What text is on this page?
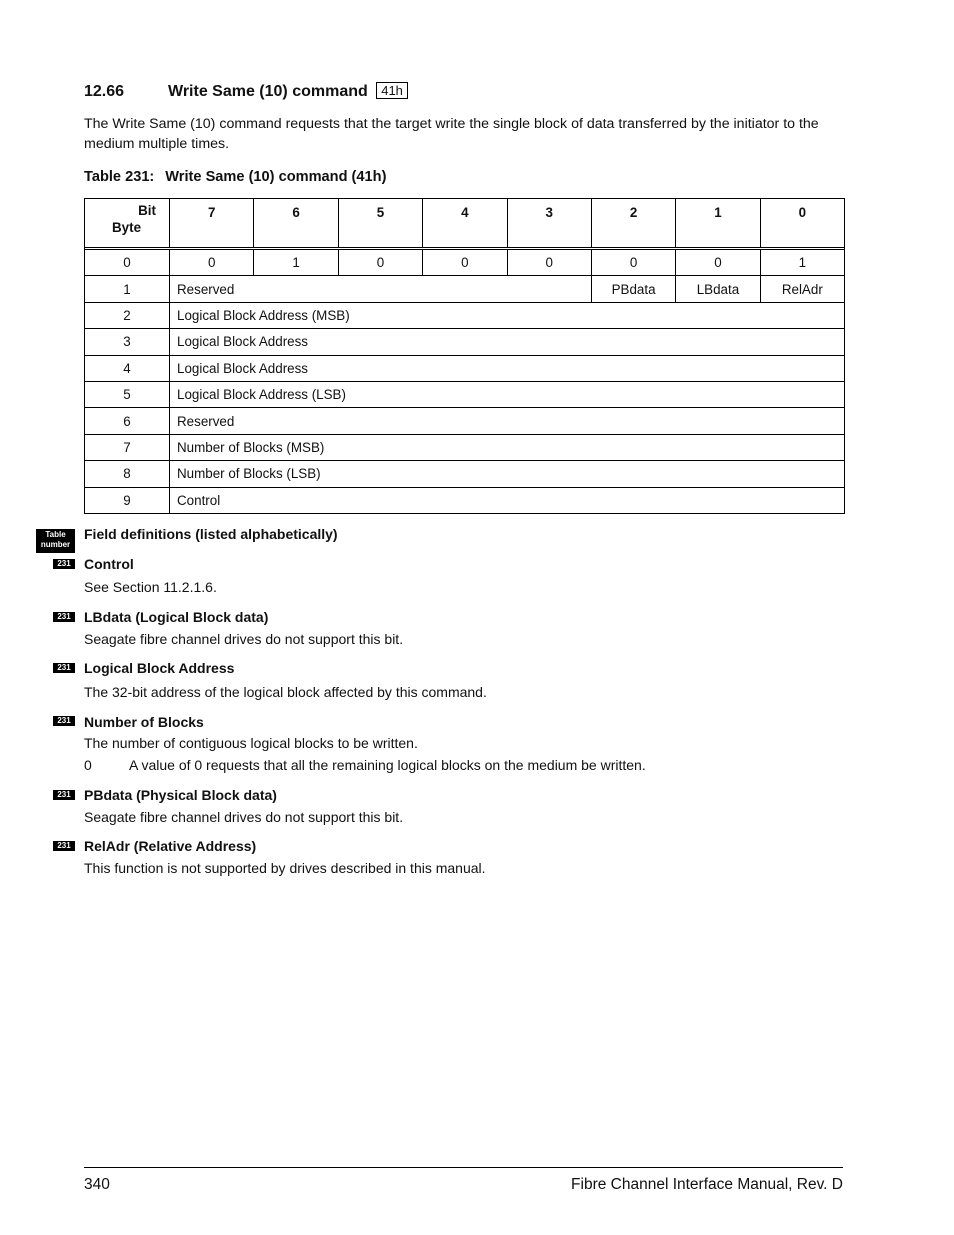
12.66	Write Same (10) command 41h
The Write Same (10) command requests that the target write the single block of data transferred by the initiator to the medium multiple times.
Table 231: Write Same (10) command (41h)
Bit
Byte	7	6	5	4	3	2	1	0

0	0	1	0	0	0	0	0	1
1	Reserved					PBdata	LBdata	RelAdr
2	Logical Block Address (MSB)							
3	Logical Block Address							
4	Logical Block Address							
5	Logical Block Address (LSB)							
6	Reserved							
7	Number of Blocks (MSB)							
8	Number of Blocks (LSB)							
9	Control							
Table
number
Field definitions (listed alphabetically)
231 Control
See Section 11.2.1.6.
231 LBdata (Logical Block data)
Seagate fibre channel drives do not support this bit.
231 Logical Block Address
The 32-bit address of the logical block affected by this command.
231 Number of Blocks
The number of contiguous logical blocks to be written.
0	A value of 0 requests that all the remaining logical blocks on the medium be written.
231 PBdata (Physical Block data)
Seagate fibre channel drives do not support this bit.
231 RelAdr (Relative Address)
This function is not supported by drives described in this manual.
340	Fibre Channel Interface Manual, Rev. D
